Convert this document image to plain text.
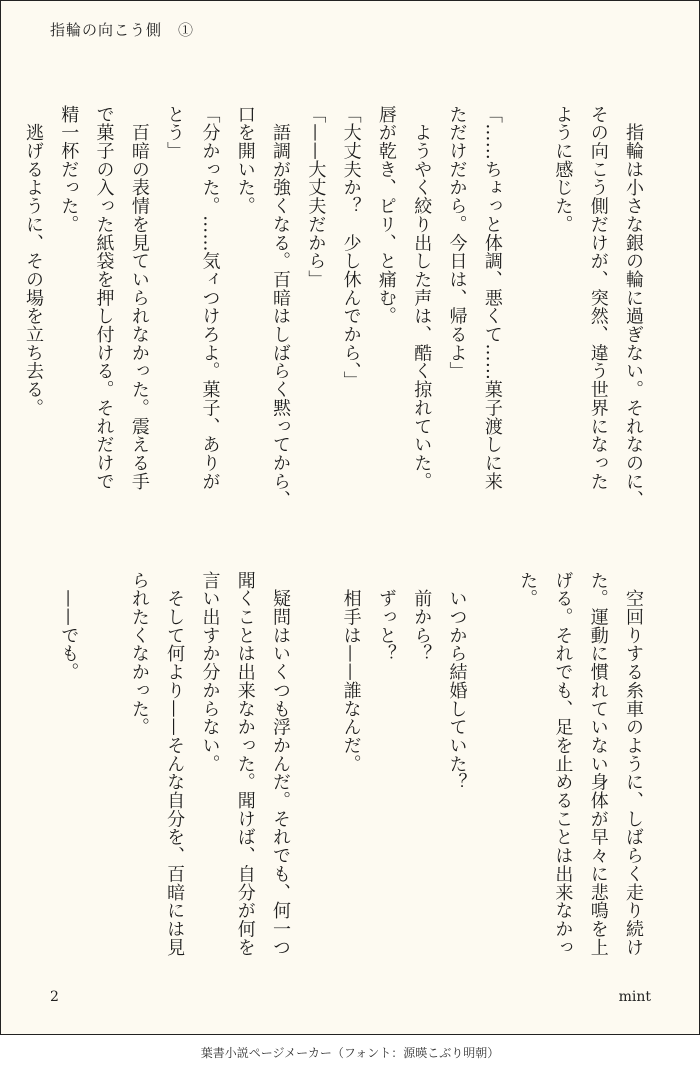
指輪の向こう側　①

　指輪は小さな銀の輪に過ぎない。それなのに、
その向こう側だけが、突然、違う世界になった
ように感じた。

「……ちょっと体調、悪くて……菓子渡しに来
ただけだから。今日は、帰るよ」

　ようやく絞り出した声は、酷く掠れていた。
唇が乾き、ピリ、と痛む。

「大丈夫か？　少し休んでから、」

「——大丈夫だから」

　語調が強くなる。百暗はしばらく黙ってから、
口を開いた。

「分かった。……気ィつけろよ。菓子、ありが
とう」

　百暗の表情を見ていられなかった。震える手
で菓子の入った紙袋を押し付ける。それだけで
精一杯だった。

　逃げるように、その場を立ち去る。

　空回りする糸車のように、しばらく走り続け
た。運動に慣れていない身体が早々に悲鳴を上
げる。それでも、足を止めることは出来なかっ
た。

　いつから結婚していた？

　前から？

　ずっと？

　相手は——誰なんだ。

　疑問はいくつも浮かんだ。それでも、何一つ
聞くことは出来なかった。聞けば、自分が何を
言い出すか分からない。

　そして何より——そんな自分を、百暗には見
られたくなかった。

　——でも。

2	mint
葉書小説ページメーカー（フォント：源暎こぶり明朝）
